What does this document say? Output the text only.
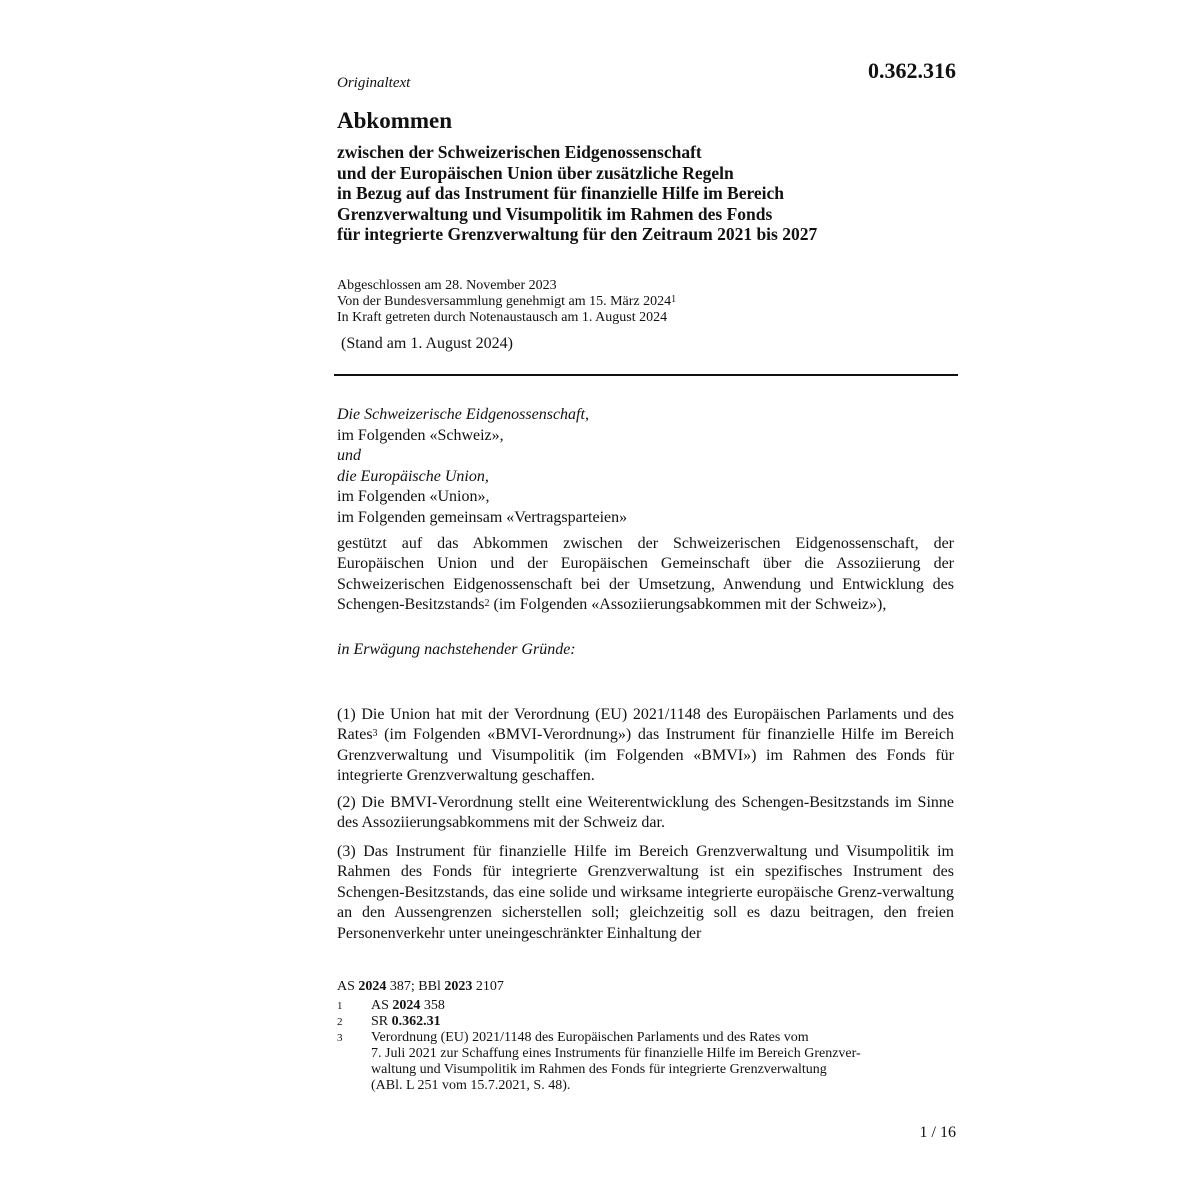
0.362.316
Originaltext
Abkommen
zwischen der Schweizerischen Eidgenossenschaft
und der Europäischen Union über zusätzliche Regeln
in Bezug auf das Instrument für finanzielle Hilfe im Bereich
Grenzverwaltung und Visumpolitik im Rahmen des Fonds
für integrierte Grenzverwaltung für den Zeitraum 2021 bis 2027
Abgeschlossen am 28. November 2023
Von der Bundesversammlung genehmigt am 15. März 2024$^1$
In Kraft getreten durch Notenaustausch am 1. August 2024
(Stand am 1. August 2024)
Die Schweizerische Eidgenossenschaft,
im Folgenden «Schweiz»,
und
die Europäische Union,
im Folgenden «Union»,
im Folgenden gemeinsam «Vertragsparteien»
gestützt auf das Abkommen zwischen der Schweizerischen Eidgenossenschaft, der Europäischen Union und der Europäischen Gemeinschaft über die Assoziierung der Schweizerischen Eidgenossenschaft bei der Umsetzung, Anwendung und Entwicklung des Schengen-Besitzstands$^2$ (im Folgenden «Assoziierungsabkommen mit der Schweiz»),
in Erwägung nachstehender Gründe:
(1) Die Union hat mit der Verordnung (EU) 2021/1148 des Europäischen Parlaments und des Rates$^3$ (im Folgenden «BMVI-Verordnung») das Instrument für finanzielle Hilfe im Bereich Grenzverwaltung und Visumpolitik (im Folgenden «BMVI») im Rahmen des Fonds für integrierte Grenzverwaltung geschaffen.
(2) Die BMVI-Verordnung stellt eine Weiterentwicklung des Schengen-Besitzstands im Sinne des Assoziierungsabkommens mit der Schweiz dar.
(3) Das Instrument für finanzielle Hilfe im Bereich Grenzverwaltung und Visumpolitik im Rahmen des Fonds für integrierte Grenzverwaltung ist ein spezifisches Instrument des Schengen-Besitzstands, das eine solide und wirksame integrierte europäische Grenz-verwaltung an den Aussengrenzen sicherstellen soll; gleichzeitig soll es dazu beitragen, den freien Personenverkehr unter uneingeschränkter Einhaltung der
AS 2024 387; BBl 2023 2107
1 AS 2024 358
2 SR 0.362.31
3 Verordnung (EU) 2021/1148 des Europäischen Parlaments und des Rates vom
7. Juli 2021 zur Schaffung eines Instruments für finanzielle Hilfe im Bereich Grenzver-
waltung und Visumpolitik im Rahmen des Fonds für integrierte Grenzverwaltung
(ABl. L 251 vom 15.7.2021, S. 48).
1 / 16
